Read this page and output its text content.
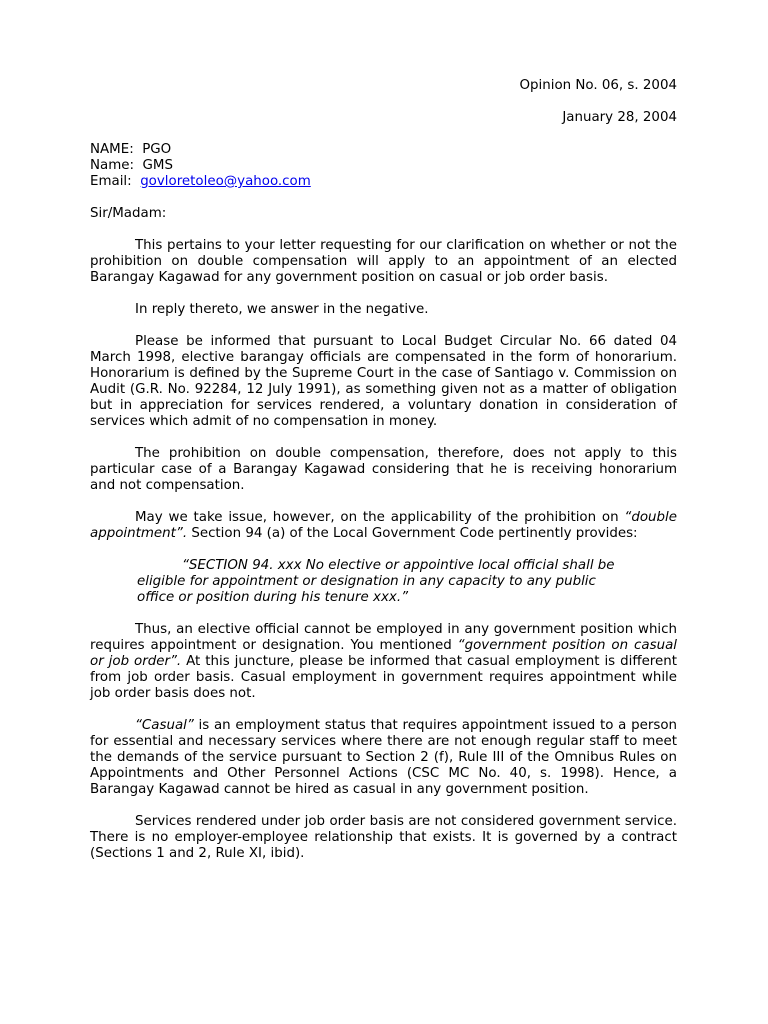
Opinion No. 06, s. 2004
January 28, 2004
NAME: PGO
Name: GMS
Email: govloretoleo@yahoo.com
Sir/Madam:

This pertains to your letter requesting for our clarification on whether or not the prohibition on double compensation will apply to an appointment of an elected Barangay Kagawad for any government position on casual or job order basis.

In reply thereto, we answer in the negative.

Please be informed that pursuant to Local Budget Circular No. 66 dated 04 March 1998, elective barangay officials are compensated in the form of honorarium. Honorarium is defined by the Supreme Court in the case of Santiago v. Commission on Audit (G.R. No. 92284, 12 July 1991), as something given not as a matter of obligation but in appreciation for services rendered, a voluntary donation in consideration of services which admit of no compensation in money.

The prohibition on double compensation, therefore, does not apply to this particular case of a Barangay Kagawad considering that he is receiving honorarium and not compensation.

May we take issue, however, on the applicability of the prohibition on “double appointment”. Section 94 (a) of the Local Government Code pertinently provides:

“SECTION 94. xxx No elective or appointive local official shall be eligible for appointment or designation in any capacity to any public office or position during his tenure xxx.”

Thus, an elective official cannot be employed in any government position which requires appointment or designation. You mentioned “government position on casual or job order”. At this juncture, please be informed that casual employment is different from job order basis. Casual employment in government requires appointment while job order basis does not.

“Casual” is an employment status that requires appointment issued to a person for essential and necessary services where there are not enough regular staff to meet the demands of the service pursuant to Section 2 (f), Rule III of the Omnibus Rules on Appointments and Other Personnel Actions (CSC MC No. 40, s. 1998). Hence, a Barangay Kagawad cannot be hired as casual in any government position.

Services rendered under job order basis are not considered government service. There is no employer-employee relationship that exists. It is governed by a contract (Sections 1 and 2, Rule XI, ibid).
